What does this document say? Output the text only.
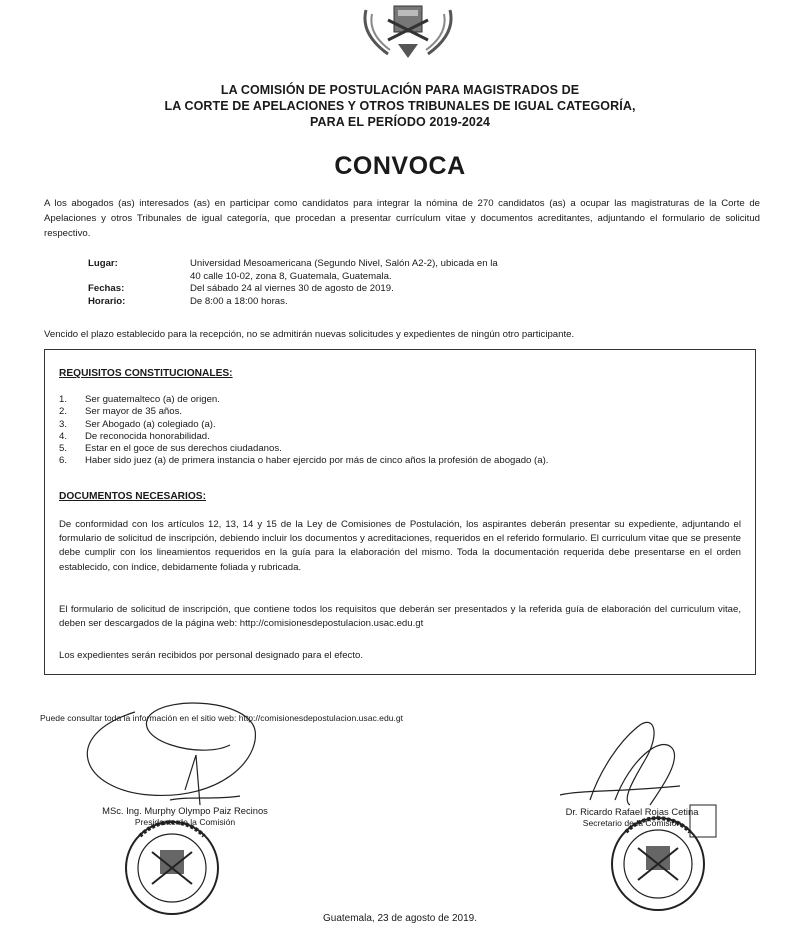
LA COMISIÓN DE POSTULACIÓN PARA MAGISTRADOS DE
LA CORTE DE APELACIONES Y OTROS TRIBUNALES DE IGUAL CATEGORÍA,
PARA EL PERÍODO 2019-2024
CONVOCA
A los abogados (as) interesados (as) en participar como candidatos para integrar la nómina de 270 candidatos (as) a ocupar las magistraturas de la Corte de Apelaciones y otros Tribunales de igual categoría, que procedan a presentar currículum vitae y documentos acreditantes, adjuntando el formulario de solicitud respectivo.
Lugar:	Universidad Mesoamericana (Segundo Nivel, Salón A2-2), ubicada en la 40 calle 10-02, zona 8, Guatemala, Guatemala.
Fechas:	Del sábado 24 al viernes 30 de agosto de 2019.
Horario:	De 8:00 a 18:00 horas.
Vencido el plazo establecido para la recepción, no se admitirán nuevas solicitudes y expedientes de ningún otro participante.
REQUISITOS CONSTITUCIONALES:
1.	Ser guatemalteco (a) de origen.
2.	Ser mayor de 35 años.
3.	Ser Abogado (a) colegiado (a).
4.	De reconocida honorabilidad.
5.	Estar en el goce de sus derechos ciudadanos.
6.	Haber sido juez (a) de primera instancia o haber ejercido por más de cinco años la profesión de abogado (a).
DOCUMENTOS NECESARIOS:
De conformidad con los artículos 12, 13, 14 y 15 de la Ley de Comisiones de Postulación, los aspirantes deberán presentar su expediente, adjuntando el formulario de solicitud de inscripción, debiendo incluir los documentos y acreditaciones, requeridos en el referido formulario. El curriculum vitae que se presente debe cumplir con los lineamientos requeridos en la guía para la elaboración del mismo. Toda la documentación requerida debe presentarse en el orden establecido, con índice, debidamente foliada y rubricada.
El formulario de solicitud de inscripción, que contiene todos los requisitos que deberán ser presentados y la referida guía de elaboración del curriculum vitae, deben ser descargados de la página web: http://comisionesdepostulacion.usac.edu.gt
Los expedientes serán recibidos por personal designado para el efecto.
Puede consultar toda la información en el sitio web: http://comisionesdepostulacion.usac.edu.gt
MSc. Ing. Murphy Olympo Paiz Recinos
Presidente de la Comisión
Dr. Ricardo Rafael Rojas Cetina
Secretario de la Comisión
Guatemala, 23 de agosto de 2019.
